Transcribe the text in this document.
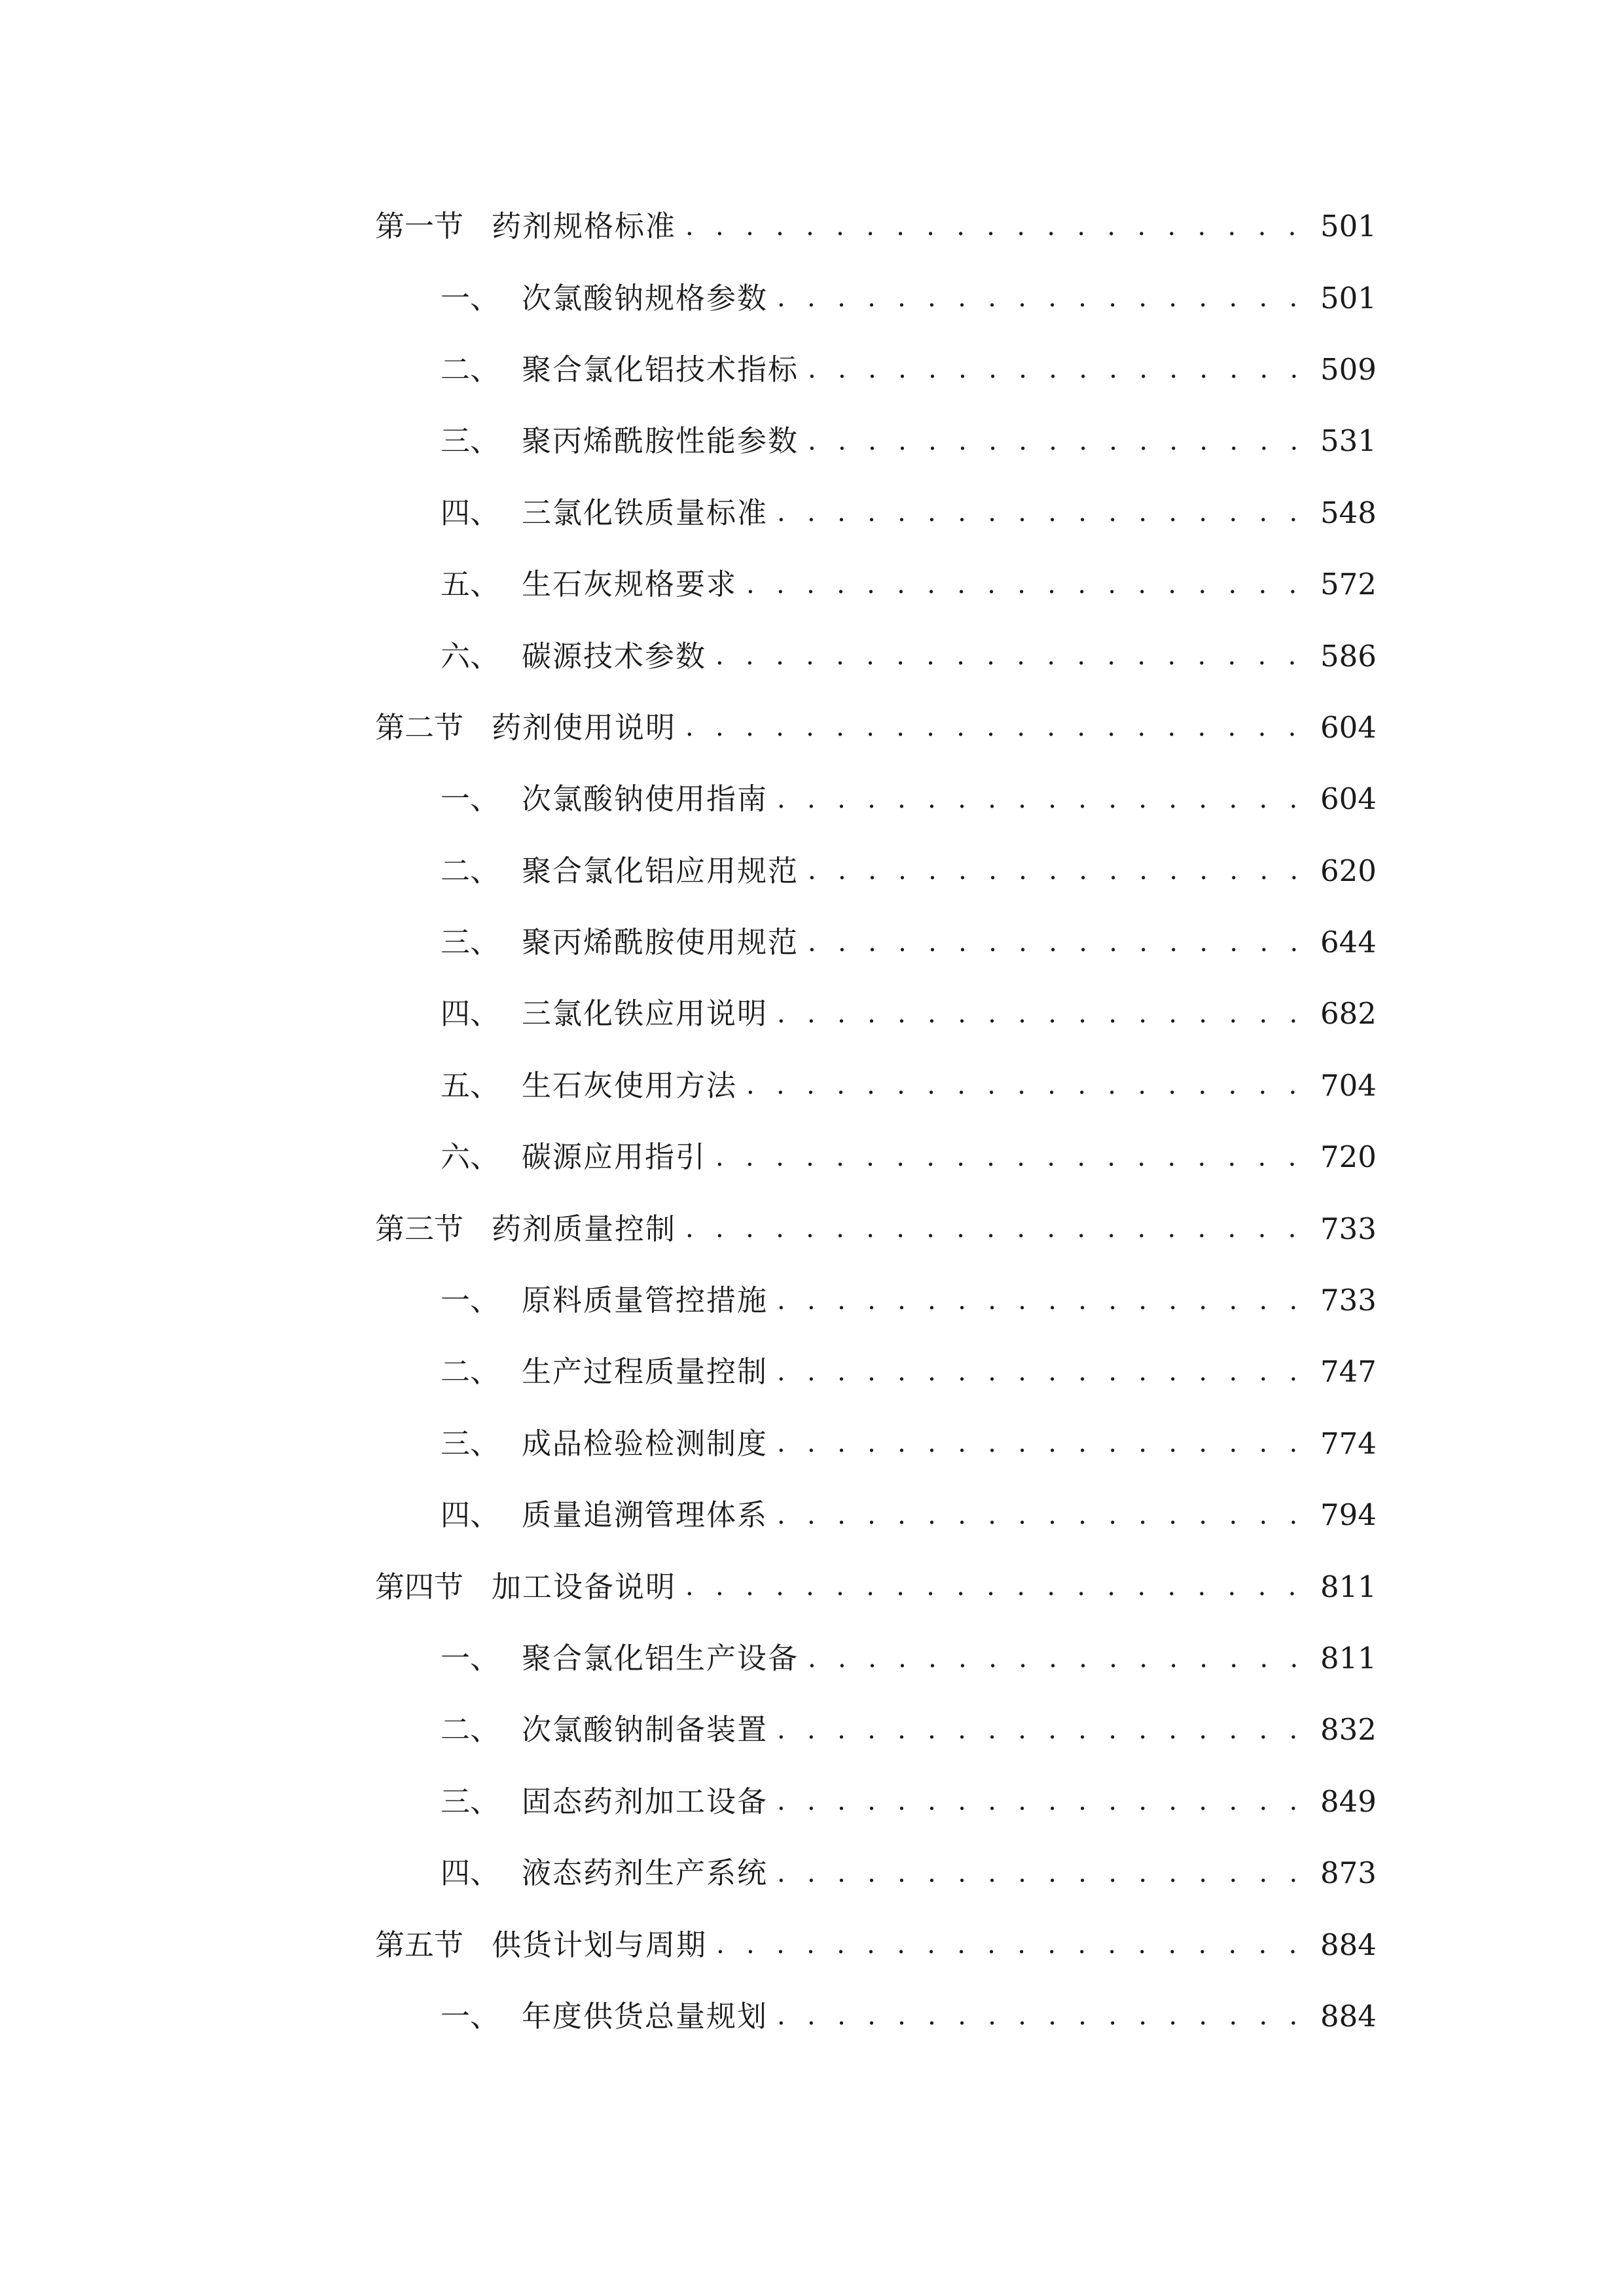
第一节 药剂规格标准 . . .	501
一、 次氯酸钠规格参数 . . .	501
二、 聚合氯化铝技术指标 . . .	509
三、 聚丙烯酰胺性能参数 . . .	531
四、 三氯化铁质量标准 . . .	548
五、 生石灰规格要求 . . .	572
六、 碳源技术参数 . . .	586
第二节 药剂使用说明 . . .	604
一、 次氯酸钠使用指南 . . .	604
二、 聚合氯化铝应用规范 . . .	620
三、 聚丙烯酰胺使用规范 . . .	644
四、 三氯化铁应用说明 . . .	682
五、 生石灰使用方法 . . .	704
六、 碳源应用指引 . . .	720
第三节 药剂质量控制 . . .	733
一、 原料质量管控措施 . . .	733
二、 生产过程质量控制 . . .	747
三、 成品检验检测制度 . . .	774
四、 质量追溯管理体系 . . .	794
第四节 加工设备说明 . . .	811
一、 聚合氯化铝生产设备 . . .	811
二、 次氯酸钠制备装置 . . .	832
三、 固态药剂加工设备 . . .	849
四、 液态药剂生产系统 . . .	873
第五节 供货计划与周期 . . .	884
一、 年度供货总量规划 . . .	884
